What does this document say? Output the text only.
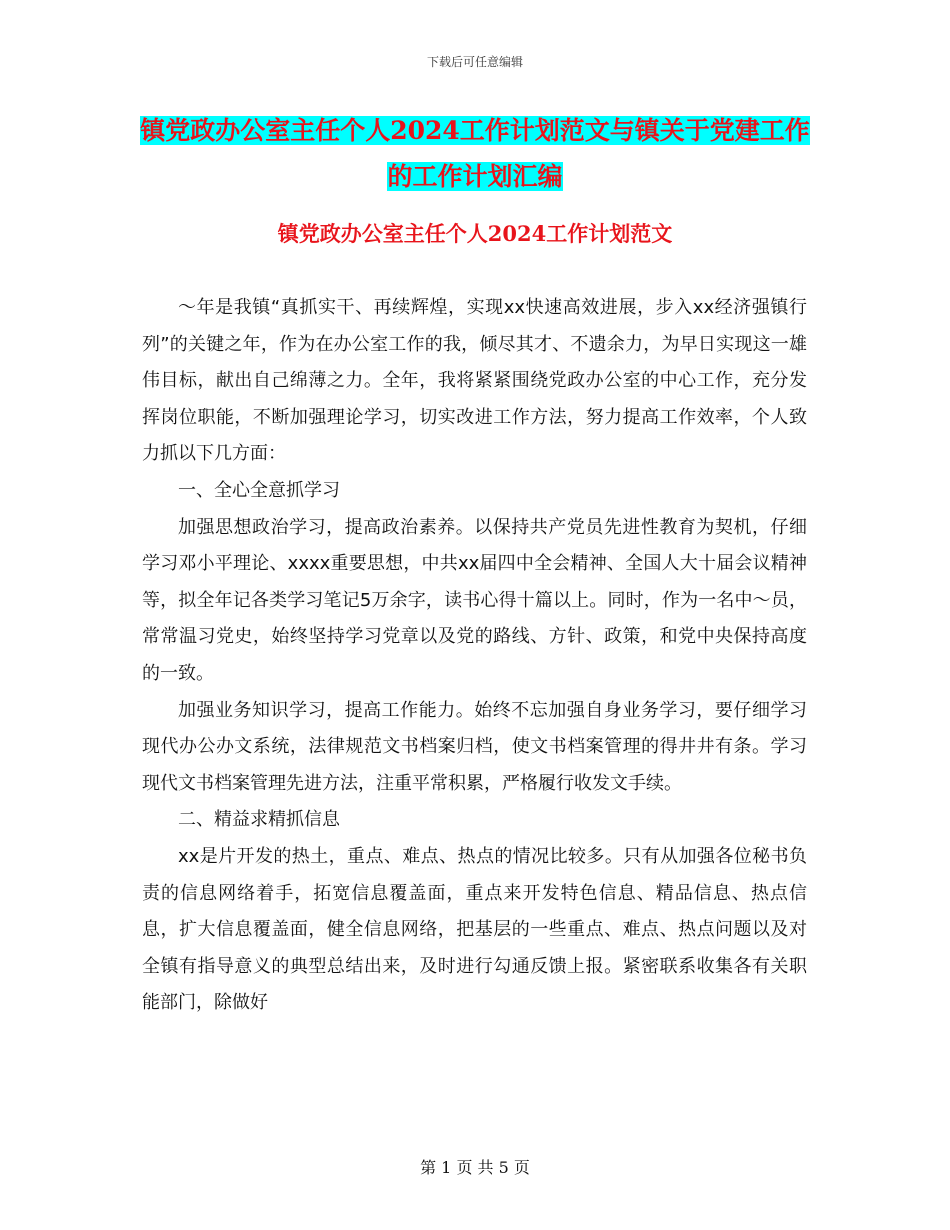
下载后可任意编辑
镇党政办公室主任个人2024工作计划范文与镇关于党建工作的工作计划汇编
镇党政办公室主任个人2024工作计划范文

～年是我镇“真抓实干、再续辉煌，实现xx快速高效进展，步入xx经济强镇行列”的关键之年，作为在办公室工作的我，倾尽其才、不遗余力，为早日实现这一雄伟目标，献出自己绵薄之力。全年，我将紧紧围绕党政办公室的中心工作，充分发挥岗位职能，不断加强理论学习，切实改进工作方法，努力提高工作效率，个人致力抓以下几方面：

一、全心全意抓学习

加强思想政治学习，提高政治素养。以保持共产党员先进性教育为契机，仔细学习邓小平理论、xxxx重要思想，中共xx届四中全会精神、全国人大十届会议精神等，拟全年记各类学习笔记5万余字，读书心得十篇以上。同时，作为一名中～员，常常温习党史，始终坚持学习党章以及党的路线、方针、政策，和党中央保持高度的一致。

加强业务知识学习，提高工作能力。始终不忘加强自身业务学习，要仔细学习现代办公办文系统，法律规范文书档案归档，使文书档案管理的得井井有条。学习现代文书档案管理先进方法，注重平常积累，严格履行收发文手续。

二、精益求精抓信息

xx是片开发的热土，重点、难点、热点的情况比较多。只有从加强各位秘书负责的信息网络着手，拓宽信息覆盖面，重点来开发特色信息、精品信息、热点信息，扩大信息覆盖面，健全信息网络，把基层的一些重点、难点、热点问题以及对全镇有指导意义的典型总结出来，及时进行勾通反馈上报。紧密联系收集各有关职能部门，除做好

第 1 页 共 5 页
